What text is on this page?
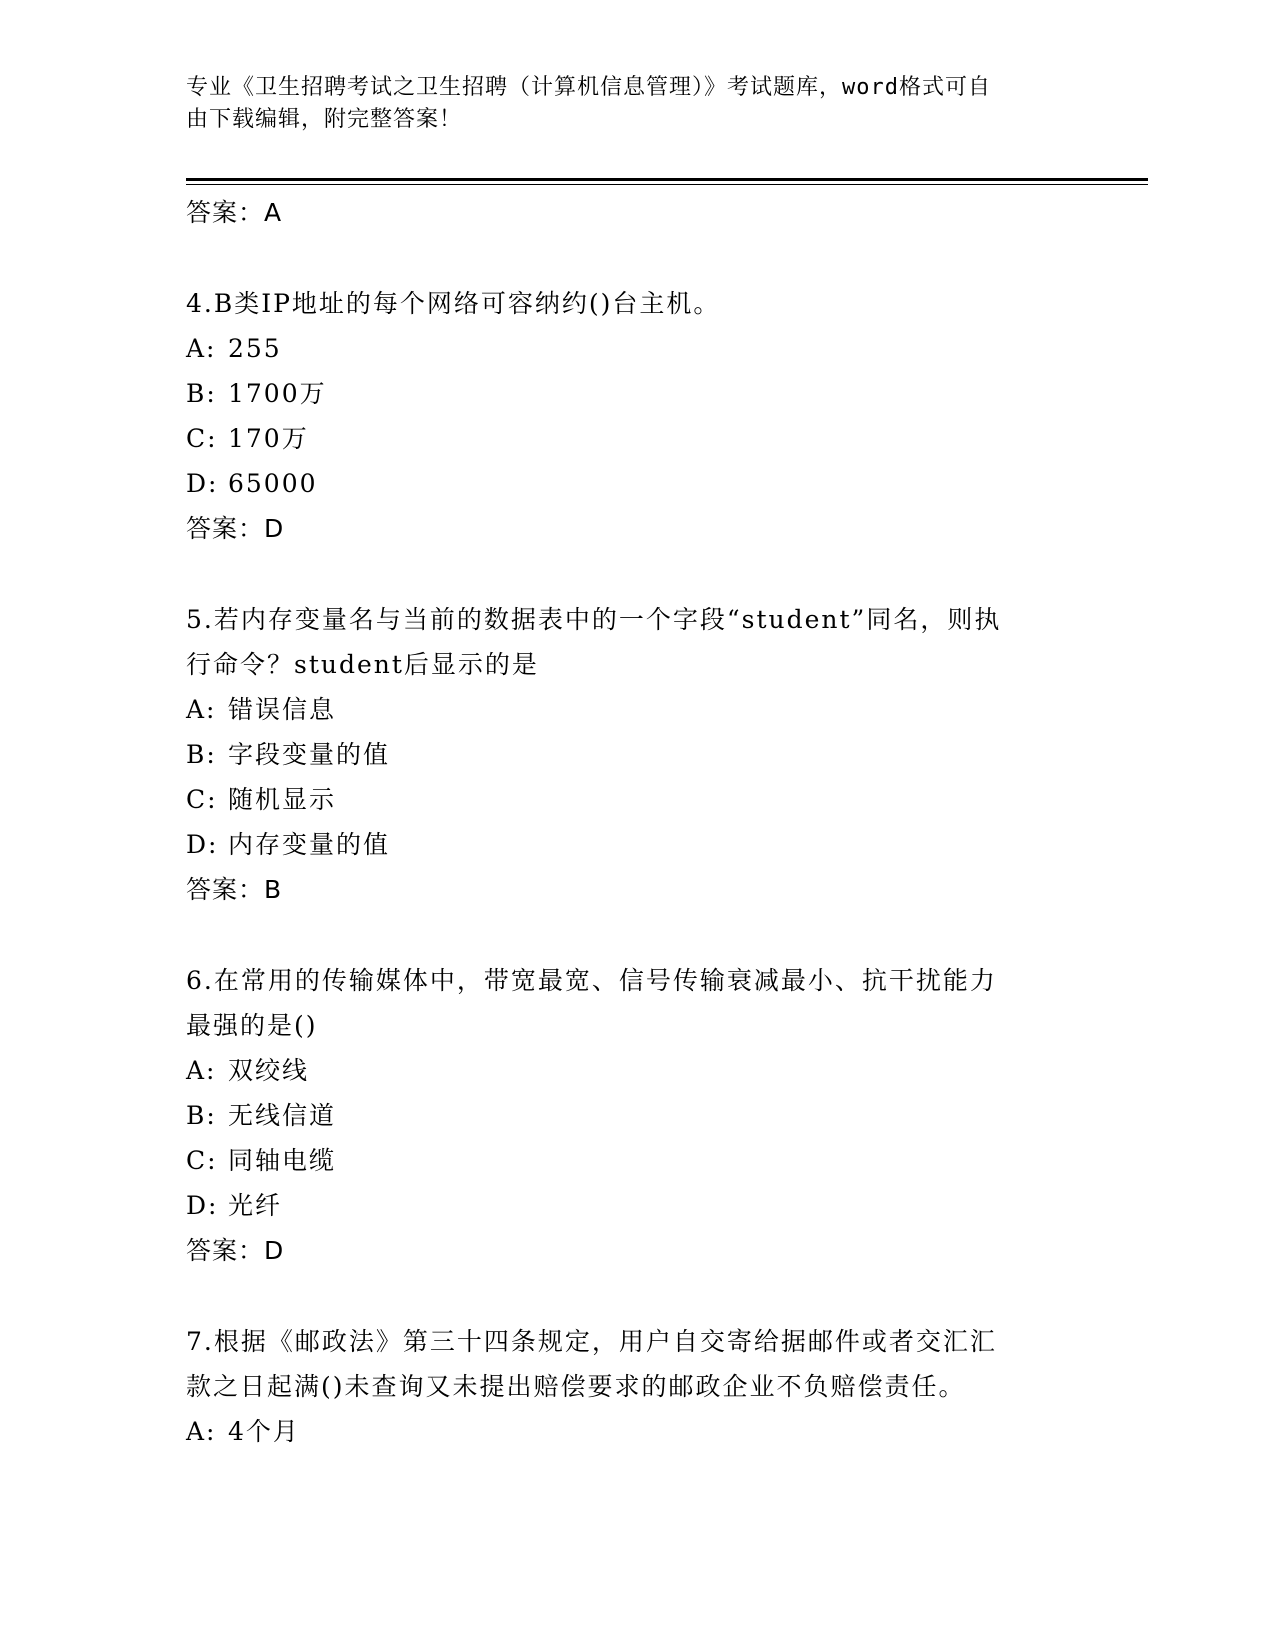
专业《卫生招聘考试之卫生招聘（计算机信息管理）》考试题库，word格式可自
由下载编辑，附完整答案！
答案：A
4.B类IP地址的每个网络可容纳约()台主机。
A: 255
B: 1700万
C: 170万
D: 65000
答案：D
5.若内存变量名与当前的数据表中的一个字段“student”同名，则执
行命令？student后显示的是
A: 错误信息
B: 字段变量的值
C: 随机显示
D: 内存变量的值
答案：B
6.在常用的传输媒体中，带宽最宽、信号传输衰减最小、抗干扰能力
最强的是()
A: 双绞线
B: 无线信道
C: 同轴电缆
D: 光纤
答案：D
7.根据《邮政法》第三十四条规定，用户自交寄给据邮件或者交汇汇
款之日起满()未查询又未提出赔偿要求的邮政企业不负赔偿责任。
A: 4个月
